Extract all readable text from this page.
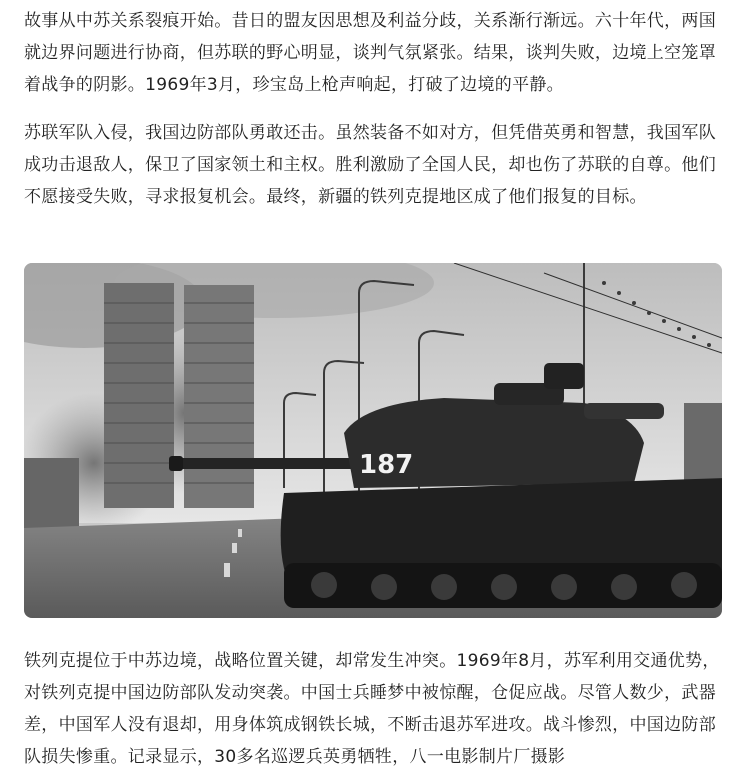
故事从中苏关系裂痕开始。昔日的盟友因思想及利益分歧，关系渐行渐远。六十年代，两国就边界问题进行协商，但苏联的野心明显，谈判气氛紧张。结果，谈判失败，边境上空笼罩着战争的阴影。1969年3月，珍宝岛上枪声响起，打破了边境的平静。

苏联军队入侵，我国边防部队勇敢还击。虽然装备不如对方，但凭借英勇和智慧，我国军队成功击退敌人，保卫了国家领土和主权。胜利激励了全国人民，却也伤了苏联的自尊。他们不愿接受失败，寻求报复机会。最终，新疆的铁列克提地区成了他们报复的目标。

187

铁列克提位于中苏边境，战略位置关键，却常发生冲突。1969年8月，苏军利用交通优势，对铁列克提中国边防部队发动突袭。中国士兵睡梦中被惊醒，仓促应战。尽管人数少，武器差，中国军人没有退却，用身体筑成钢铁长城，不断击退苏军进攻。战斗惨烈，中国边防部队损失惨重。记录显示，30多名巡逻兵英勇牺牲，八一电影制片厂摄影
